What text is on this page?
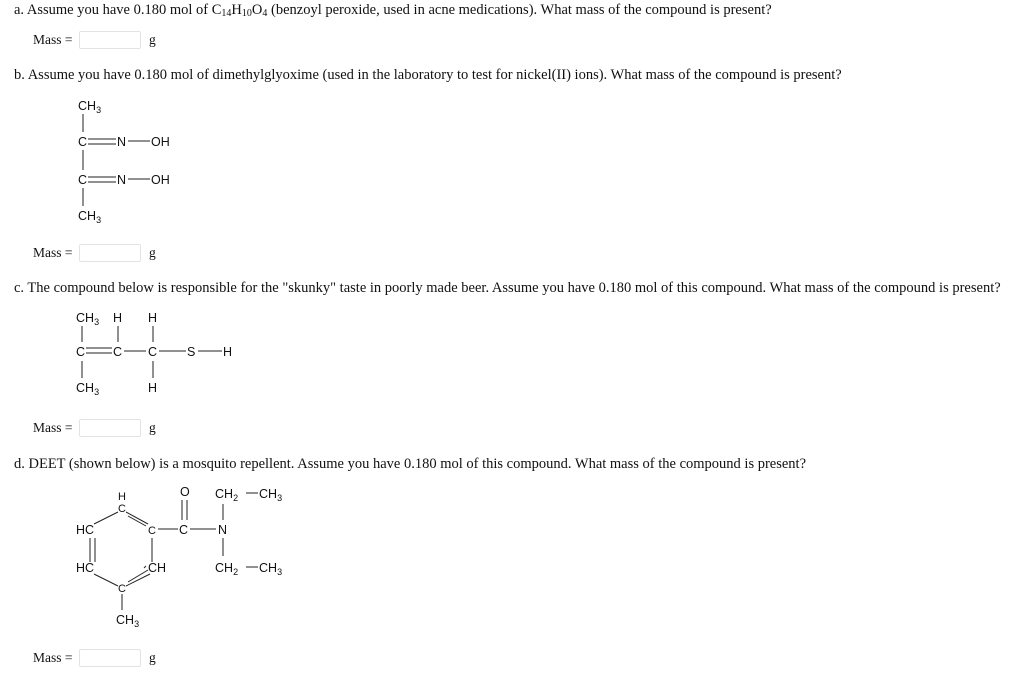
a. Assume you have 0.180 mol of $C_{14}H_{10}O_4$ (benzoyl peroxide, used in acne medications). What mass of the compound is present?
Mass =	g
b. Assume you have 0.180 mol of dimethylglyoxime (used in the laboratory to test for nickel(II) ions). What mass of the compound is present?
$CH_3$
C N OH
C N OH
$CH_3$
Mass =	g
c. The compound below is responsible for the "skunky" taste in poorly made beer. Assume you have 0.180 mol of this compound. What mass of the compound is present?
$CH_3$ H H
C C C S H
$CH_3$	H
Mass =	g
d. DEET (shown below) is a mosquito repellent. Assume you have 0.180 mol of this compound. What mass of the compound is present?
H
C
HC	C
HC	CH
C
$CH_3$
C
O
N
$CH_2$ $CH_3$
$CH_2$ $CH_3$
Mass =	g
